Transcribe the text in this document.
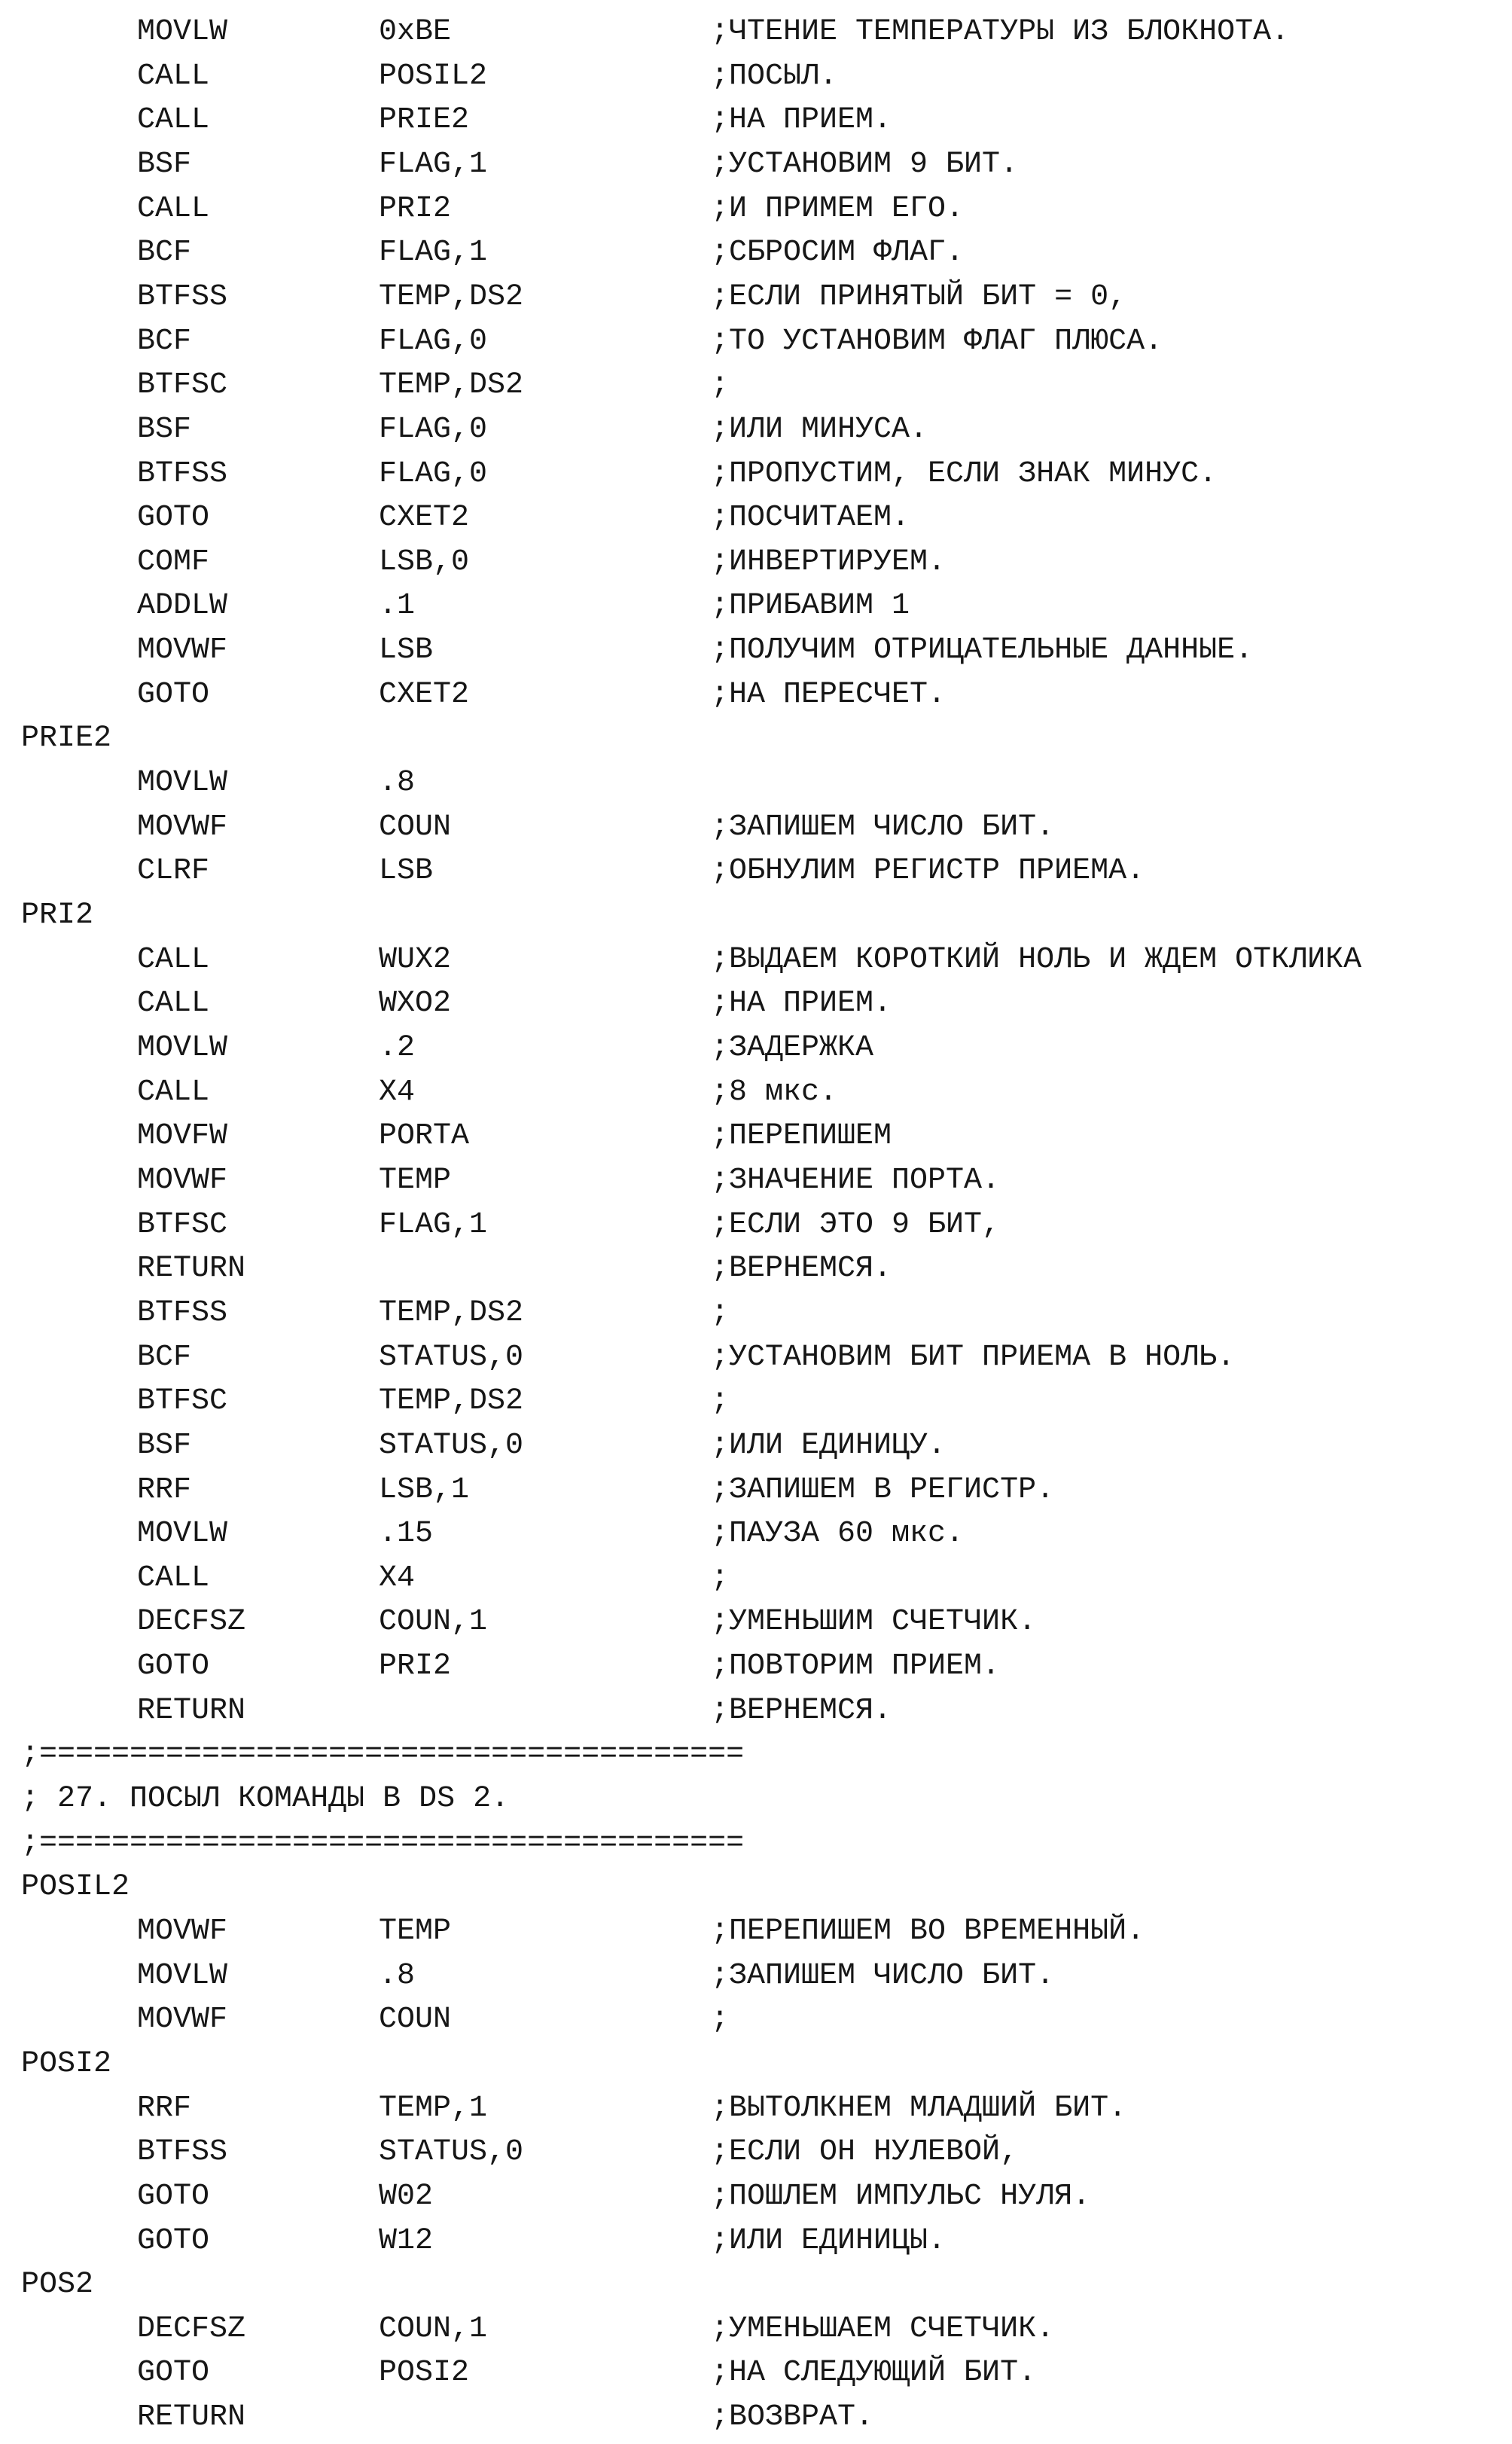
MOVLW	0xBE	;ЧТЕНИЕ ТЕМПЕРАТУРЫ ИЗ БЛОКНОТА.
CALL	POSIL2	;ПОСЫЛ.
CALL	PRIE2	;НА ПРИЕМ.
BSF	FLAG,1	;УСТАНОВИМ 9 БИТ.
CALL	PRI2	;И ПРИМЕМ ЕГО.
BCF	FLAG,1	;СБРОСИМ ФЛАГ.
BTFSS	TEMP,DS2	;ЕСЛИ ПРИНЯТЫЙ БИТ = 0,
BCF	FLAG,0	;ТО УСТАНОВИМ ФЛАГ ПЛЮСА.
BTFSC	TEMP,DS2	;
BSF	FLAG,0	;ИЛИ МИНУСА.
BTFSS	FLAG,0	;ПРОПУСТИМ, ЕСЛИ ЗНАК МИНУС.
GOTO	CXET2	;ПОСЧИТАЕМ.
COMF	LSB,0	;ИНВЕРТИРУЕМ.
ADDLW	.1	;ПРИБАВИМ 1
MOVWF	LSB	;ПОЛУЧИМ ОТРИЦАТЕЛЬНЫЕ ДАННЫЕ.
GOTO	CXET2	;НА ПЕРЕСЧЕТ.
PRIE2
MOVLW	.8
MOVWF	COUN	;ЗАПИШЕМ ЧИСЛО БИТ.
CLRF	LSB	;ОБНУЛИМ РЕГИСТР ПРИЕМА.
PRI2
CALL	WUX2	;ВЫДАЕМ КОРОТКИЙ НОЛЬ И ЖДЕМ ОТКЛИКА
CALL	WXO2	;НА ПРИЕМ.
MOVLW	.2	;ЗАДЕРЖКА
CALL	X4	;8 мкс.
MOVFW	PORTA	;ПЕРЕПИШЕМ
MOVWF	TEMP	;ЗНАЧЕНИЕ ПОРТА.
BTFSC	FLAG,1	;ЕСЛИ ЭТО 9 БИТ,
RETURN	;ВЕРНЕМСЯ.
BTFSS	TEMP,DS2	;
BCF	STATUS,0	;УСТАНОВИМ БИТ ПРИЕМА В НОЛЬ.
BTFSC	TEMP,DS2	;
BSF	STATUS,0	;ИЛИ ЕДИНИЦУ.
RRF	LSB,1	;ЗАПИШЕМ В РЕГИСТР.
MOVLW	.15	;ПАУЗА 60 мкс.
CALL	X4	;
DECFSZ	COUN,1	;УМЕНЬШИМ СЧЕТЧИК.
GOTO	PRI2	;ПОВТОРИМ ПРИЕМ.
RETURN	;ВЕРНЕМСЯ.
;=======================================
; 27. ПОСЫЛ КОМАНДЫ В DS 2.
;=======================================
POSIL2
MOVWF	TEMP	;ПЕРЕПИШЕМ ВО ВРЕМЕННЫЙ.
MOVLW	.8	;ЗАПИШЕМ ЧИСЛО БИТ.
MOVWF	COUN	;
POSI2
RRF	TEMP,1	;ВЫТОЛКНЕМ МЛАДШИЙ БИТ.
BTFSS	STATUS,0	;ЕСЛИ ОН НУЛЕВОЙ,
GOTO	W02	;ПОШЛЕМ ИМПУЛЬС НУЛЯ.
GOTO	W12	;ИЛИ ЕДИНИЦЫ.
POS2
DECFSZ	COUN,1	;УМЕНЬШАЕМ СЧЕТЧИК.
GOTO	POSI2	;НА СЛЕДУЮЩИЙ БИТ.
RETURN	;ВОЗВРАТ.
